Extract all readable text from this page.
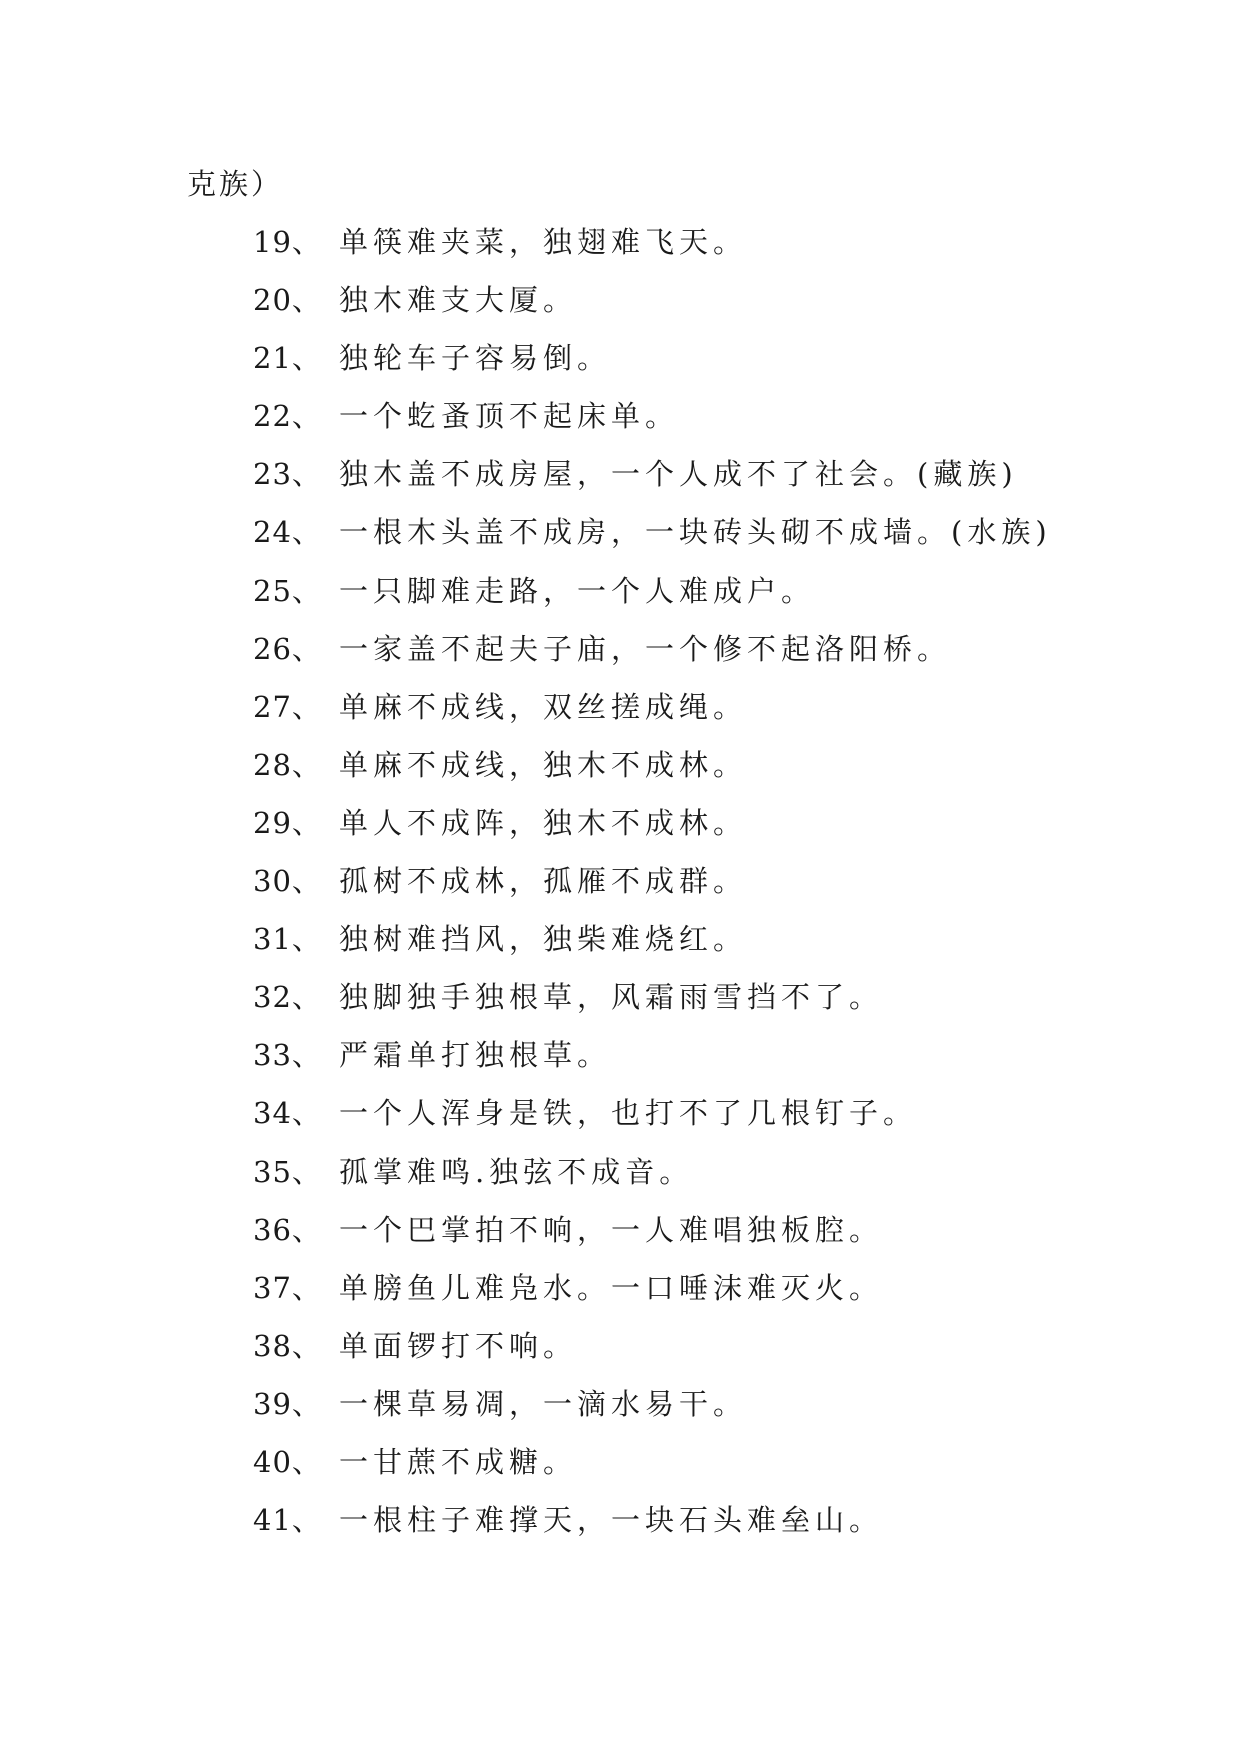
克族）
19、 单筷难夹菜，独翅难飞天。
20、 独木难支大厦。
21、 独轮车子容易倒。
22、 一个虼蚤顶不起床单。
23、 独木盖不成房屋，一个人成不了社会。(藏族)
24、 一根木头盖不成房，一块砖头砌不成墙。(水族)
25、 一只脚难走路，一个人难成户。
26、 一家盖不起夫子庙，一个修不起洛阳桥。
27、 单麻不成线，双丝搓成绳。
28、 单麻不成线，独木不成林。
29、 单人不成阵，独木不成林。
30、 孤树不成林，孤雁不成群。
31、 独树难挡风，独柴难烧红。
32、 独脚独手独根草，风霜雨雪挡不了。
33、 严霜单打独根草。
34、 一个人浑身是铁，也打不了几根钉子。
35、 孤掌难鸣.独弦不成音。
36、 一个巴掌拍不响，一人难唱独板腔。
37、 单膀鱼儿难凫水。一口唾沫难灭火。
38、 单面锣打不响。
39、 一棵草易凋，一滴水易干。
40、 一甘蔗不成糖。
41、 一根柱子难撑天，一块石头难垒山。
